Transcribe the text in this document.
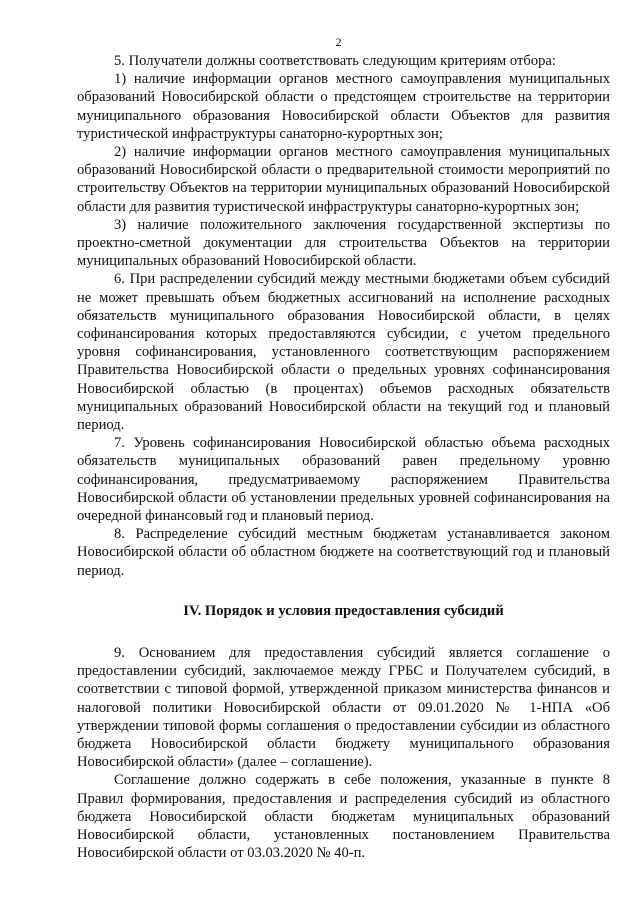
2

5. Получатели должны соответствовать следующим критериям отбора:

1) наличие информации органов местного самоуправления муниципальных образований Новосибирской области о предстоящем строительстве на территории муниципального образования Новосибирской области Объектов для развития туристической инфраструктуры санаторно-курортных зон;

2) наличие информации органов местного самоуправления муниципальных образований Новосибирской области о предварительной стоимости мероприятий по строительству Объектов на территории муниципальных образований Новосибирской области для развития туристической инфраструктуры санаторно-курортных зон;

3) наличие положительного заключения государственной экспертизы по проектно-сметной документации для строительства Объектов на территории муниципальных образований Новосибирской области.

6. При распределении субсидий между местными бюджетами объем субсидий не может превышать объем бюджетных ассигнований на исполнение расходных обязательств муниципального образования Новосибирской области, в целях софинансирования которых предоставляются субсидии, с учетом предельного уровня софинансирования, установленного соответствующим распоряжением Правительства Новосибирской области о предельных уровнях софинансирования Новосибирской областью (в процентах) объемов расходных обязательств муниципальных образований Новосибирской области на текущий год и плановый период.

7. Уровень софинансирования Новосибирской областью объема расходных обязательств муниципальных образований равен предельному уровню софинансирования, предусматриваемому распоряжением Правительства Новосибирской области об установлении предельных уровней софинансирования на очередной финансовый год и плановый период.

8. Распределение субсидий местным бюджетам устанавливается законом Новосибирской области об областном бюджете на соответствующий год и плановый период.

IV. Порядок и условия предоставления субсидий

9. Основанием для предоставления субсидий является соглашение о предоставлении субсидий, заключаемое между ГРБС и Получателем субсидий, в соответствии с типовой формой, утвержденной приказом министерства финансов и налоговой политики Новосибирской области от 09.01.2020 № 1-НПА «Об утверждении типовой формы соглашения о предоставлении субсидии из областного бюджета Новосибирской области бюджету муниципального образования Новосибирской области» (далее – соглашение).

Соглашение должно содержать в себе положения, указанные в пункте 8 Правил формирования, предоставления и распределения субсидий из областного бюджета Новосибирской области бюджетам муниципальных образований Новосибирской области, установленных постановлением Правительства Новосибирской области от 03.03.2020 № 40-п.
